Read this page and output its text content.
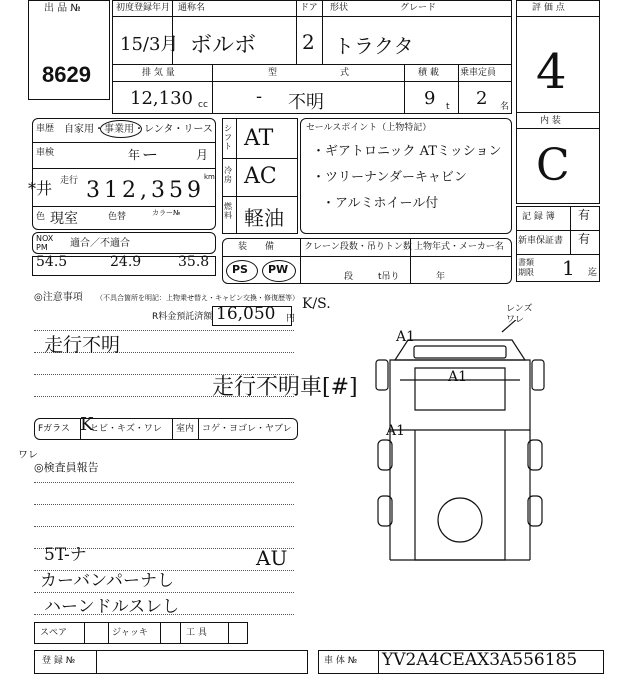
出 品 №
8629
初度登録年月 通称名	ドア 形状	グレード
15/3月 ボルボ 2 トラクタ
排 気 量	型	式	積 載 乗車定員
12,130 cc	- 不明	9 t 2 名
評 価 点
4
内 装
C
車歴 自家用・事業用・レンタ・リース
車検	ー
年	月
*井 走行 312,359
km
色 現室	色替	カラー№
NOX
PM 適合／不適合
54.5	24.9	35.8
シフト AT
冷房 AC
燃料 軽油
セールスポイント（上物特記）
・ギアトロニック ATミッション
・ツリーナンダーキャビン
・アルミホイール付
記 録 簿 有
新車保証書 有
書類期限	1 迄
装　　備	クレーン段数・吊りトン数 上物年式・メーカー名
PS PW
段	t吊り	年
◎注意事項 （不具合箇所を明記：上物乗せ替え・キャビン交換・修復歴等）
R料金預託済額 16,050 円
K/S.
走行不明
走行不明車[#]
Fガラス ヒビ・キズ・ワレ
K	室内 コゲ・ヨゴレ・ヤブレ
ワレ
◎検査員報告
5T-ナ
カーバンパーナし
ハーンドルスレし
AU
A1
A1
A1
レンズ ワレ
スペア	ジャッキ	工 具
登 録 №	車 体 № YV2A4CEAX3A556185
